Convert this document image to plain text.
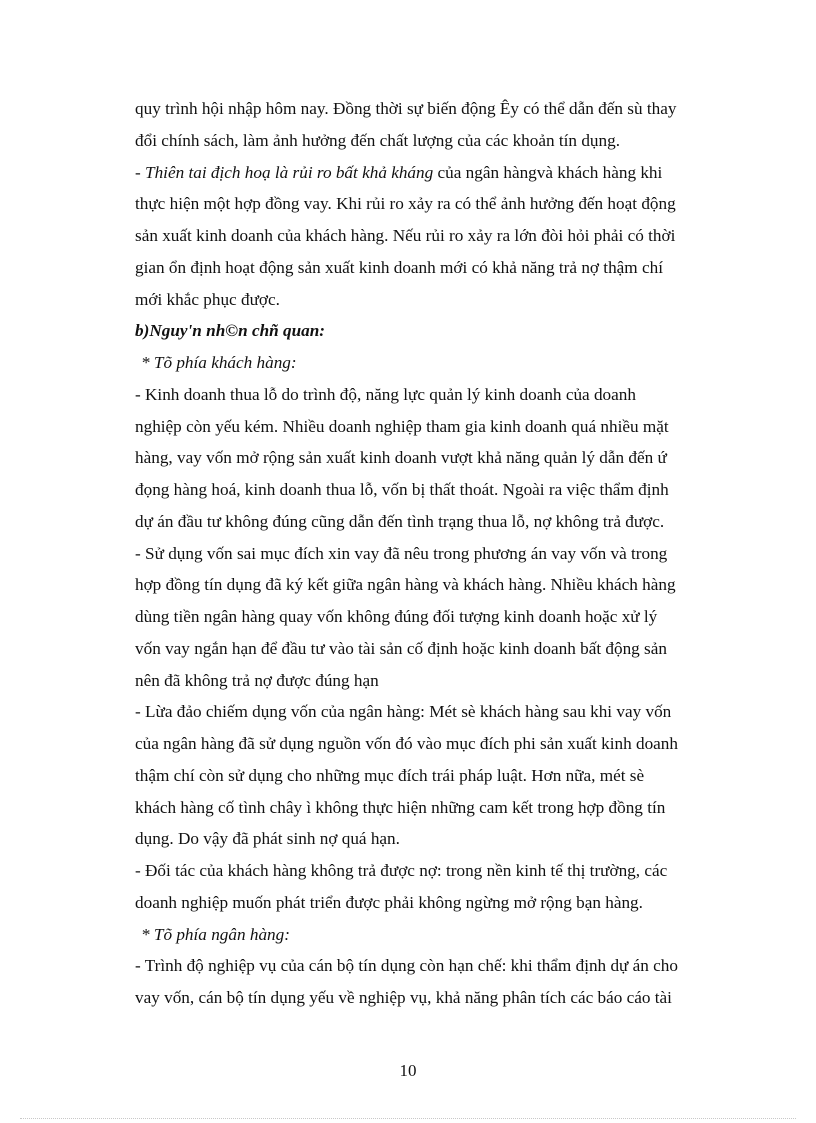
quy trình hội nhập hôm nay. Đồng thời sự biến động Êy có thể dẫn đến sù thay
đổi chính sách, làm ảnh hưởng đến chất lượng của các khoản tín dụng.

- Thiên tai địch hoạ là rủi ro bất khả kháng của ngân hàngvà khách hàng khi
thực hiện một hợp đồng vay. Khi rủi ro xảy ra có thể ảnh hưởng đến hoạt động
sản xuất kinh doanh của khách hàng. Nếu rủi ro xảy ra lớn đòi hỏi phải có thời
gian ổn định hoạt động sản xuất kinh doanh mới có khả năng trả nợ thậm chí
mới khắc phục được.

b)Nguy'n nh©n chñ quan:

* Tõ phía khách hàng:

- Kinh doanh thua lỗ do trình độ, năng lực quản lý kinh doanh của doanh
nghiệp còn yếu kém. Nhiều doanh nghiệp tham gia kinh doanh quá nhiều mặt
hàng, vay vốn mở rộng sản xuất kinh doanh vượt khả năng quản lý dẫn đến ứ
đọng hàng hoá, kinh doanh thua lỗ, vốn bị thất thoát. Ngoài ra việc thẩm định
dự án đầu tư không đúng cũng dẫn đến tình trạng thua lỗ, nợ không trả được.

- Sử dụng vốn sai mục đích xin vay đã nêu trong phương án vay vốn và trong
hợp đồng tín dụng đã ký kết giữa ngân hàng và khách hàng. Nhiều khách hàng
dùng tiền ngân hàng quay vốn không đúng đối tượng kinh doanh hoặc xử lý
vốn vay ngắn hạn để đầu tư vào tài sản cố định hoặc kinh doanh bất động sản
nên đã không trả nợ được đúng hạn

- Lừa đảo chiếm dụng vốn của ngân hàng: Mét sè khách hàng sau khi vay vốn
của ngân hàng đã sử dụng nguồn vốn đó vào mục đích phi sản xuất kinh doanh
thậm chí còn sử dụng cho những mục đích trái pháp luật. Hơn nữa, mét sè
khách hàng cố tình chây ì không thực hiện những cam kết trong hợp đồng tín
dụng. Do vậy đã phát sinh nợ quá hạn.

- Đối tác của khách hàng không trả được nợ: trong nền kinh tế thị trường, các
doanh nghiệp muốn phát triển được phải không ngừng mở rộng bạn hàng.

* Tõ phía ngân hàng:

- Trình độ nghiệp vụ của cán bộ tín dụng còn hạn chế: khi thẩm định dự án cho
vay vốn, cán bộ tín dụng yếu về nghiệp vụ, khả năng phân tích các báo cáo tài

10
